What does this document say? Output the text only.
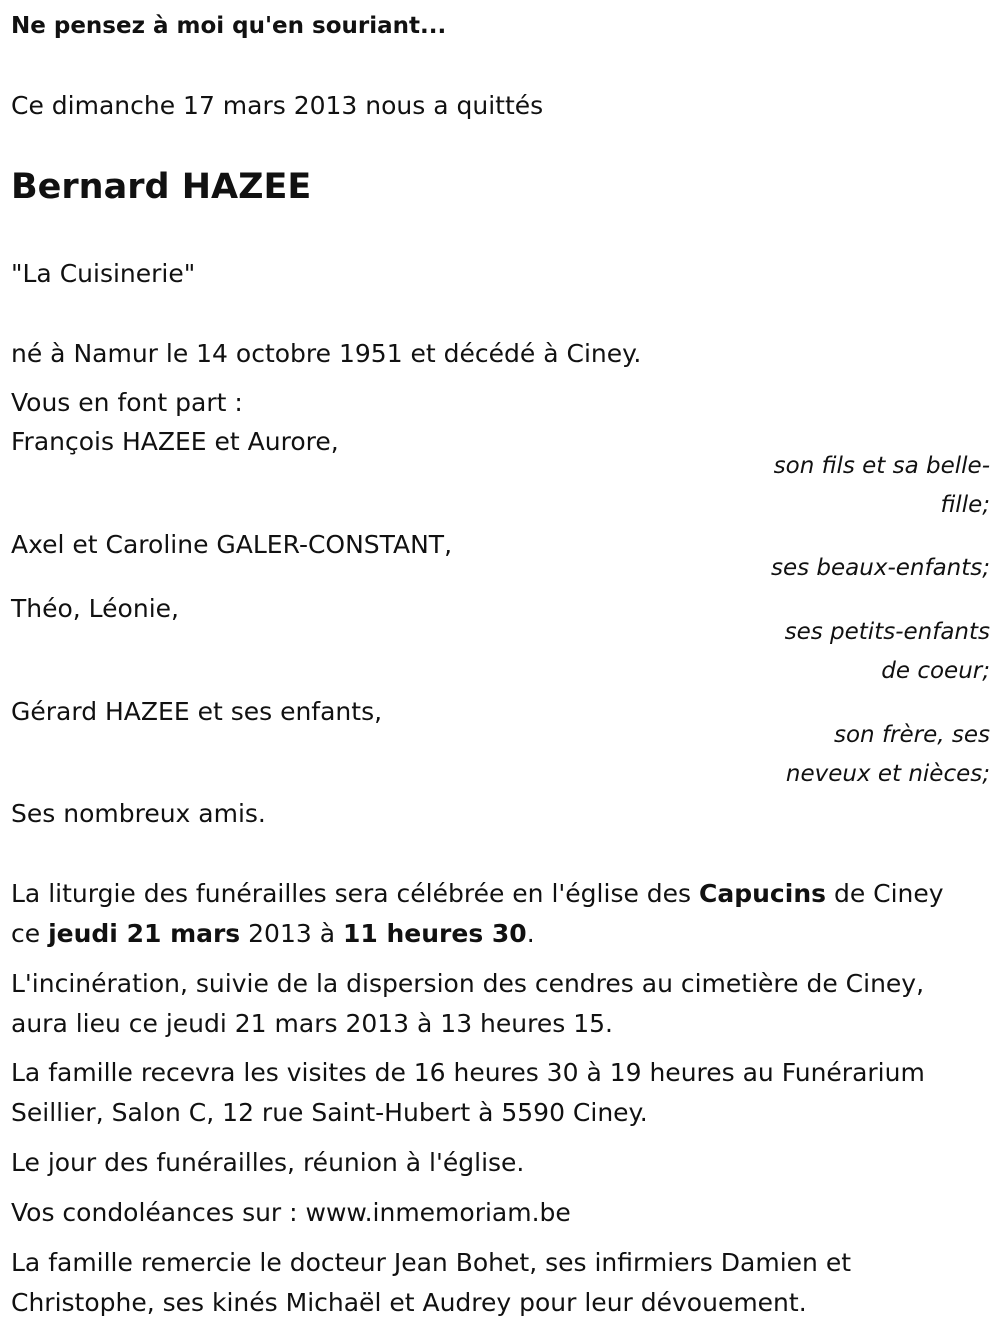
Ne pensez à moi qu'en souriant...
Ce dimanche 17 mars 2013 nous a quittés
Bernard HAZEE
"La Cuisinerie"
né à Namur le 14 octobre 1951 et décédé à Ciney.
Vous en font part :
François HAZEE et Aurore,
son fils et sa belle-
fille;
Axel et Caroline GALER-CONSTANT,
ses beaux-enfants;
Théo, Léonie,
ses petits-enfants
de coeur;
Gérard HAZEE et ses enfants,
son frère, ses
neveux et nièces;
Ses nombreux amis.
La liturgie des funérailles sera célébrée en l'église des Capucins de Ciney
ce jeudi 21 mars 2013 à 11 heures 30.
L'incinération, suivie de la dispersion des cendres au cimetière de Ciney,
aura lieu ce jeudi 21 mars 2013 à 13 heures 15.
La famille recevra les visites de 16 heures 30 à 19 heures au Funérarium
Seillier, Salon C, 12 rue Saint-Hubert à 5590 Ciney.
Le jour des funérailles, réunion à l'église.
Vos condoléances sur : www.inmemoriam.be
La famille remercie le docteur Jean Bohet, ses infirmiers Damien et
Christophe, ses kinés Michaël et Audrey pour leur dévouement.
